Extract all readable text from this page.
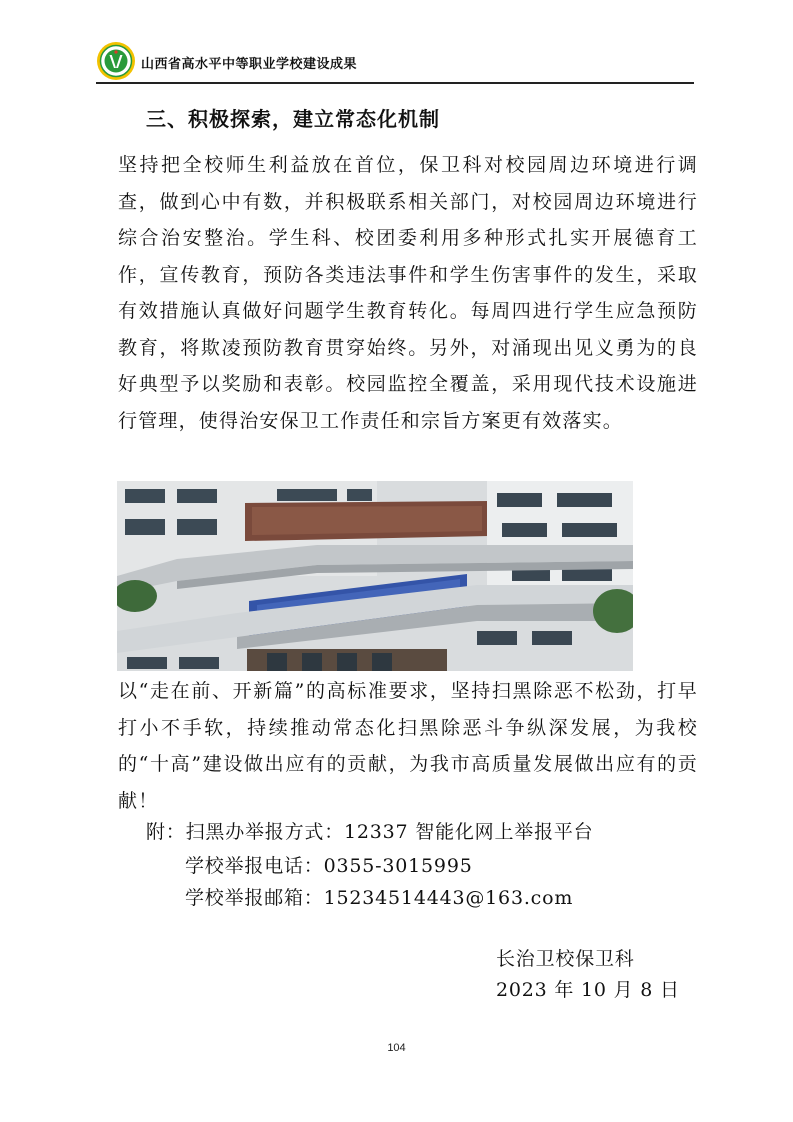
山西省高水平中等职业学校建设成果
三、积极探索，建立常态化机制

坚持把全校师生利益放在首位，保卫科对校园周边环境进行调查，做到心中有数，并积极联系相关部门，对校园周边环境进行综合治安整治。学生科、校团委利用多种形式扎实开展德育工作，宣传教育，预防各类违法事件和学生伤害事件的发生，采取有效措施认真做好问题学生教育转化。每周四进行学生应急预防教育，将欺凌预防教育贯穿始终。另外，对涌现出见义勇为的良好典型予以奖励和表彰。校园监控全覆盖，采用现代技术设施进行管理，使得治安保卫工作责任和宗旨方案更有效落实。

以“走在前、开新篇”的高标准要求，坚持扫黑除恶不松劲，打早打小不手软，持续推动常态化扫黑除恶斗争纵深发展，为我校的“十高”建设做出应有的贡献，为我市高质量发展做出应有的贡献！

附：扫黑办举报方式：12337 智能化网上举报平台
学校举报电话：0355-3015995
学校举报邮箱：15234514443@163.com
长治卫校保卫科
2023 年 10 月 8 日
104
